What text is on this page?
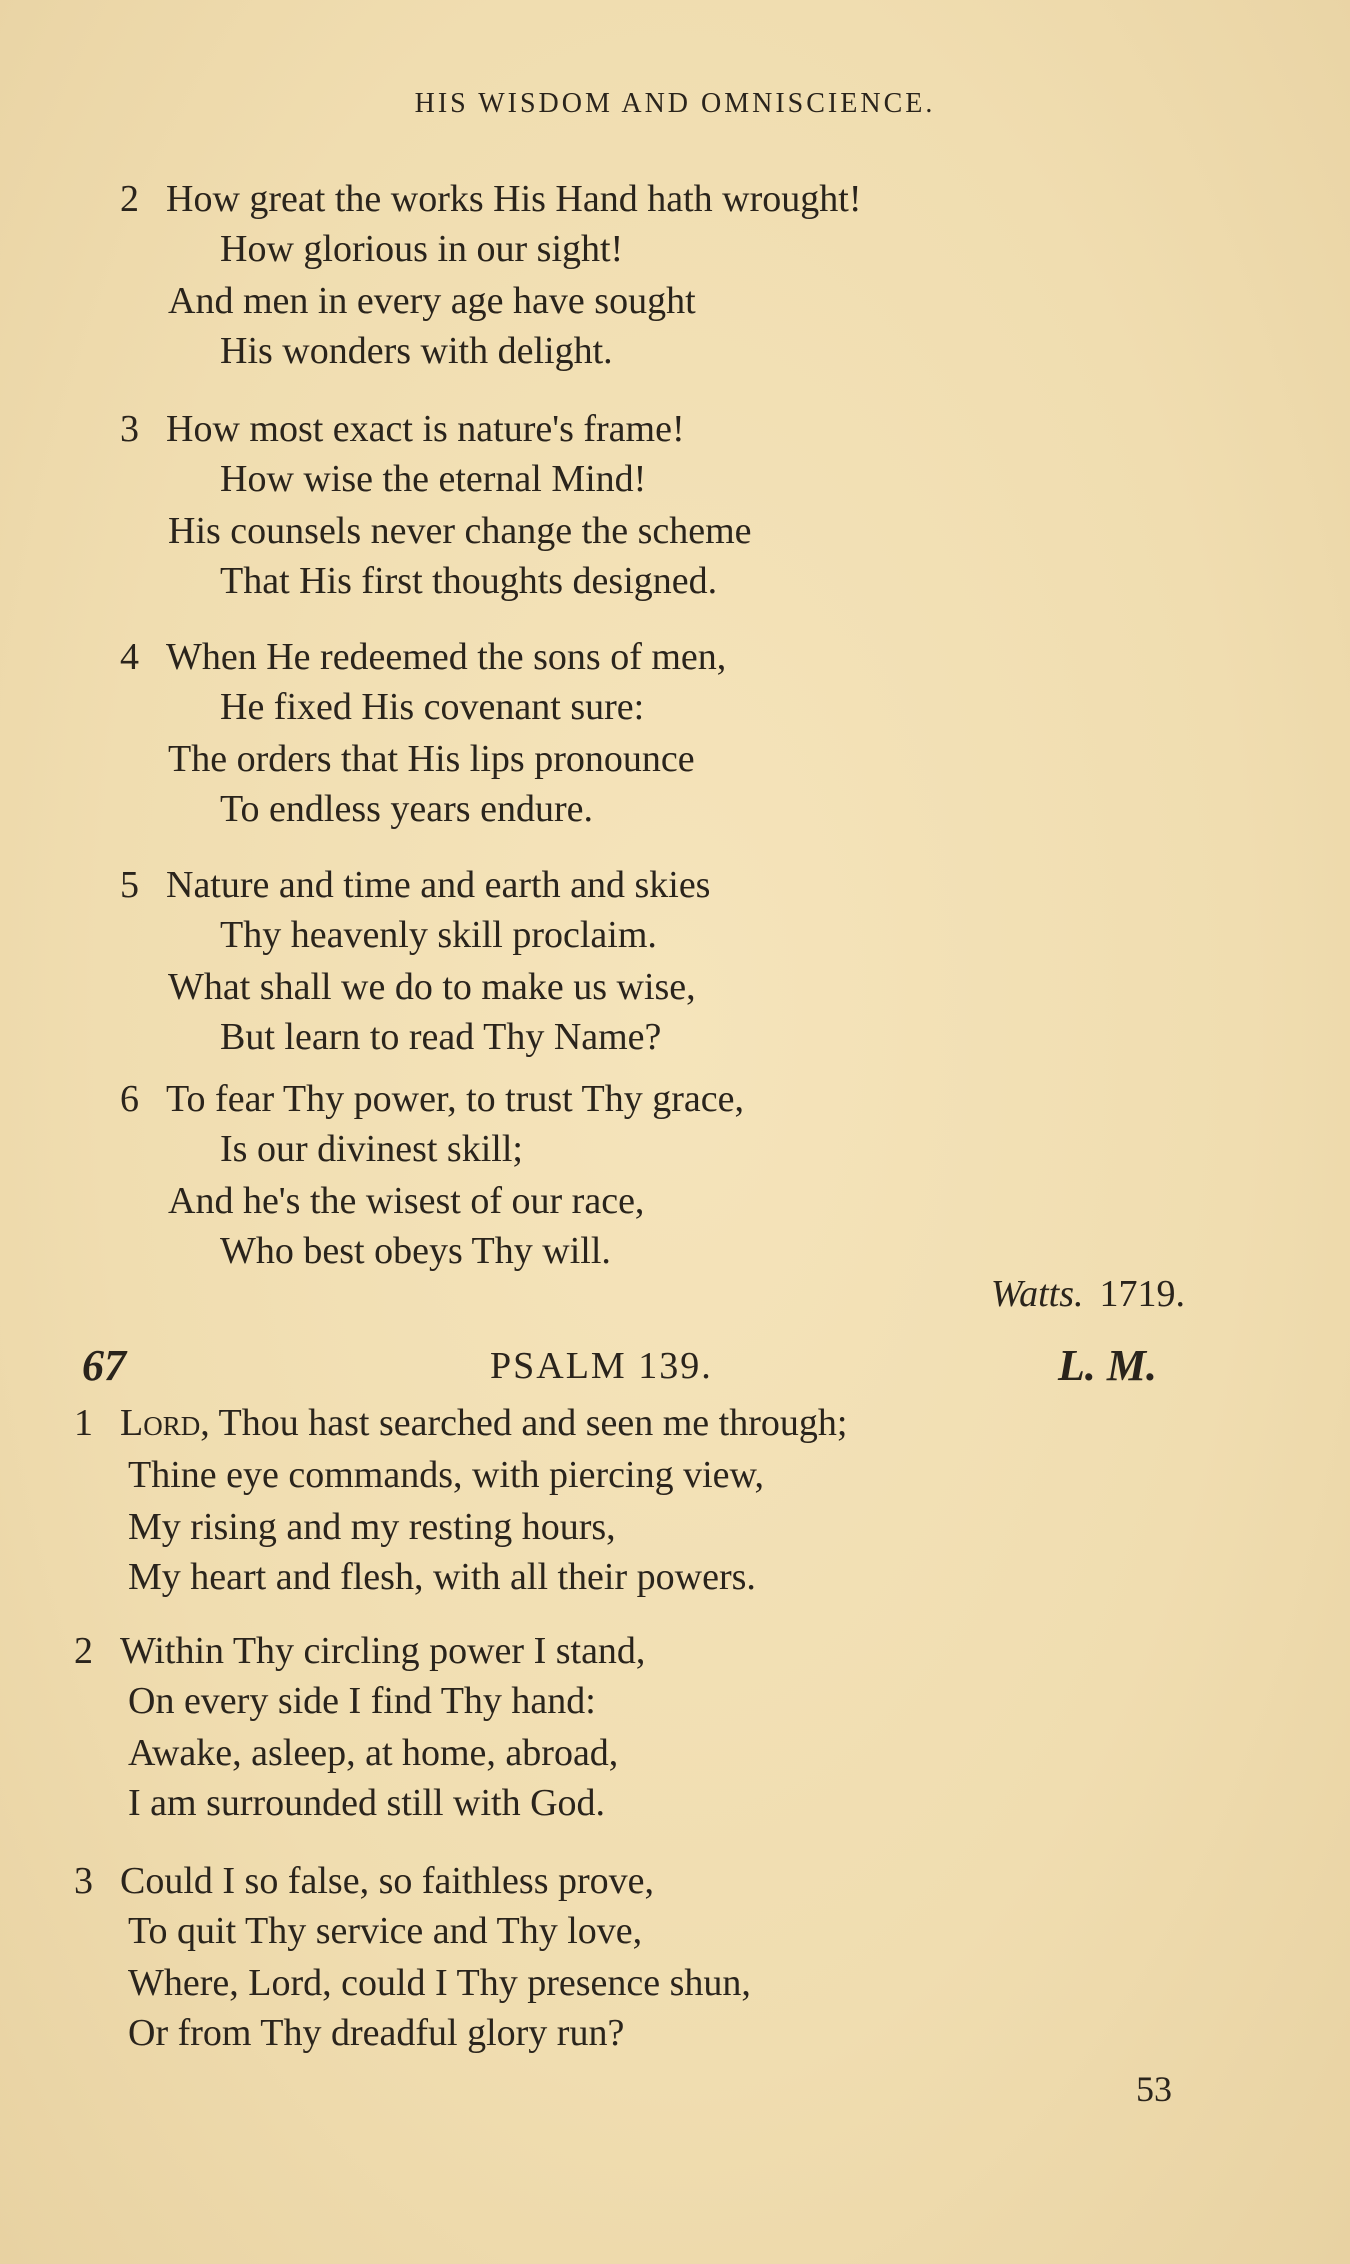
HIS WISDOM AND OMNISCIENCE.
2 How great the works His Hand hath wrought!
How glorious in our sight!
And men in every age have sought
His wonders with delight.
3 How most exact is nature's frame!
How wise the eternal Mind!
His counsels never change the scheme
That His first thoughts designed.
4 When He redeemed the sons of men,
He fixed His covenant sure:
The orders that His lips pronounce
To endless years endure.
5 Nature and time and earth and skies
Thy heavenly skill proclaim.
What shall we do to make us wise,
But learn to read Thy Name?
6 To fear Thy power, to trust Thy grace,
Is our divinest skill;
And he's the wisest of our race,
Who best obeys Thy will.
Watts. 1719.
67	PSALM 139.	L. M.
1 Lord, Thou hast searched and seen me through;
Thine eye commands, with piercing view,
My rising and my resting hours,
My heart and flesh, with all their powers.
2 Within Thy circling power I stand,
On every side I find Thy hand:
Awake, asleep, at home, abroad,
I am surrounded still with God.
3 Could I so false, so faithless prove,
To quit Thy service and Thy love,
Where, Lord, could I Thy presence shun,
Or from Thy dreadful glory run?
53
